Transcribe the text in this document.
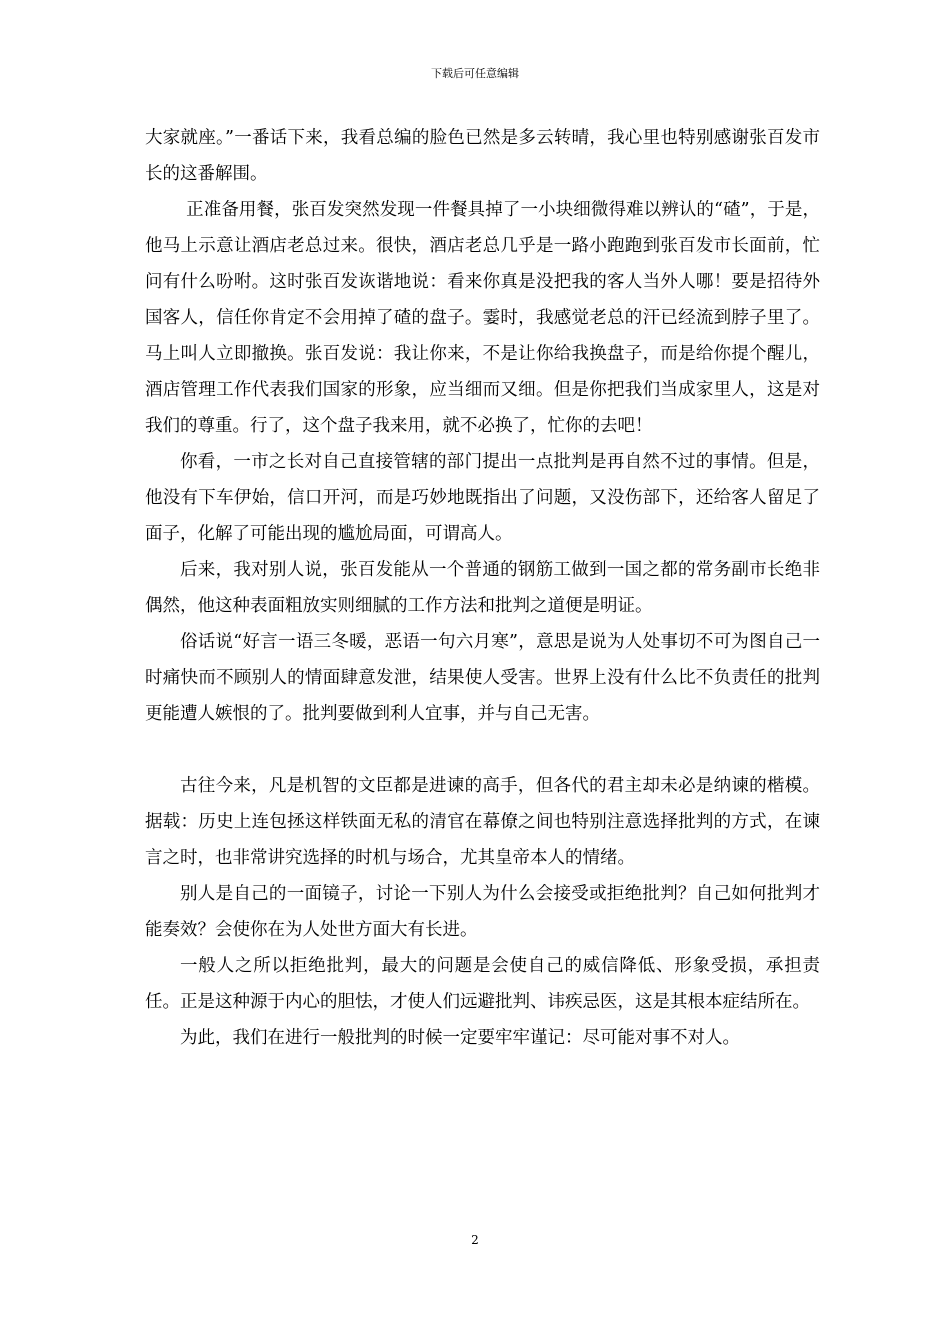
下载后可任意编辑

大家就座。”一番话下来，我看总编的脸色已然是多云转晴，我心里也特别感谢张百发市长的这番解围。

正准备用餐，张百发突然发现一件餐具掉了一小块细微得难以辨认的“碴”，于是，他马上示意让酒店老总过来。很快，酒店老总几乎是一路小跑跑到张百发市长面前，忙问有什么吩咐。这时张百发诙谐地说：看来你真是没把我的客人当外人哪！要是招待外国客人，信任你肯定不会用掉了碴的盘子。霎时，我感觉老总的汗已经流到脖子里了。马上叫人立即撤换。张百发说：我让你来，不是让你给我换盘子，而是给你提个醒儿，酒店管理工作代表我们国家的形象，应当细而又细。但是你把我们当成家里人，这是对我们的尊重。行了，这个盘子我来用，就不必换了，忙你的去吧！

你看，一市之长对自己直接管辖的部门提出一点批判是再自然不过的事情。但是，他没有下车伊始，信口开河，而是巧妙地既指出了问题，又没伤部下，还给客人留足了面子，化解了可能出现的尴尬局面，可谓高人。

后来，我对别人说，张百发能从一个普通的钢筋工做到一国之都的常务副市长绝非偶然，他这种表面粗放实则细腻的工作方法和批判之道便是明证。

俗话说“好言一语三冬暖，恶语一句六月寒”，意思是说为人处事切不可为图自己一时痛快而不顾别人的情面肆意发泄，结果使人受害。世界上没有什么比不负责任的批判更能遭人嫉恨的了。批判要做到利人宜事，并与自己无害。

古往今来，凡是机智的文臣都是进谏的高手，但各代的君主却未必是纳谏的楷模。据载：历史上连包拯这样铁面无私的清官在幕僚之间也特别注意选择批判的方式，在谏言之时，也非常讲究选择的时机与场合，尤其皇帝本人的情绪。

别人是自己的一面镜子，讨论一下别人为什么会接受或拒绝批判？自己如何批判才能奏效？会使你在为人处世方面大有长进。

一般人之所以拒绝批判，最大的问题是会使自己的威信降低、形象受损，承担责任。正是这种源于内心的胆怯，才使人们远避批判、讳疾忌医，这是其根本症结所在。

为此，我们在进行一般批判的时候一定要牢牢谨记：尽可能对事不对人。

2
